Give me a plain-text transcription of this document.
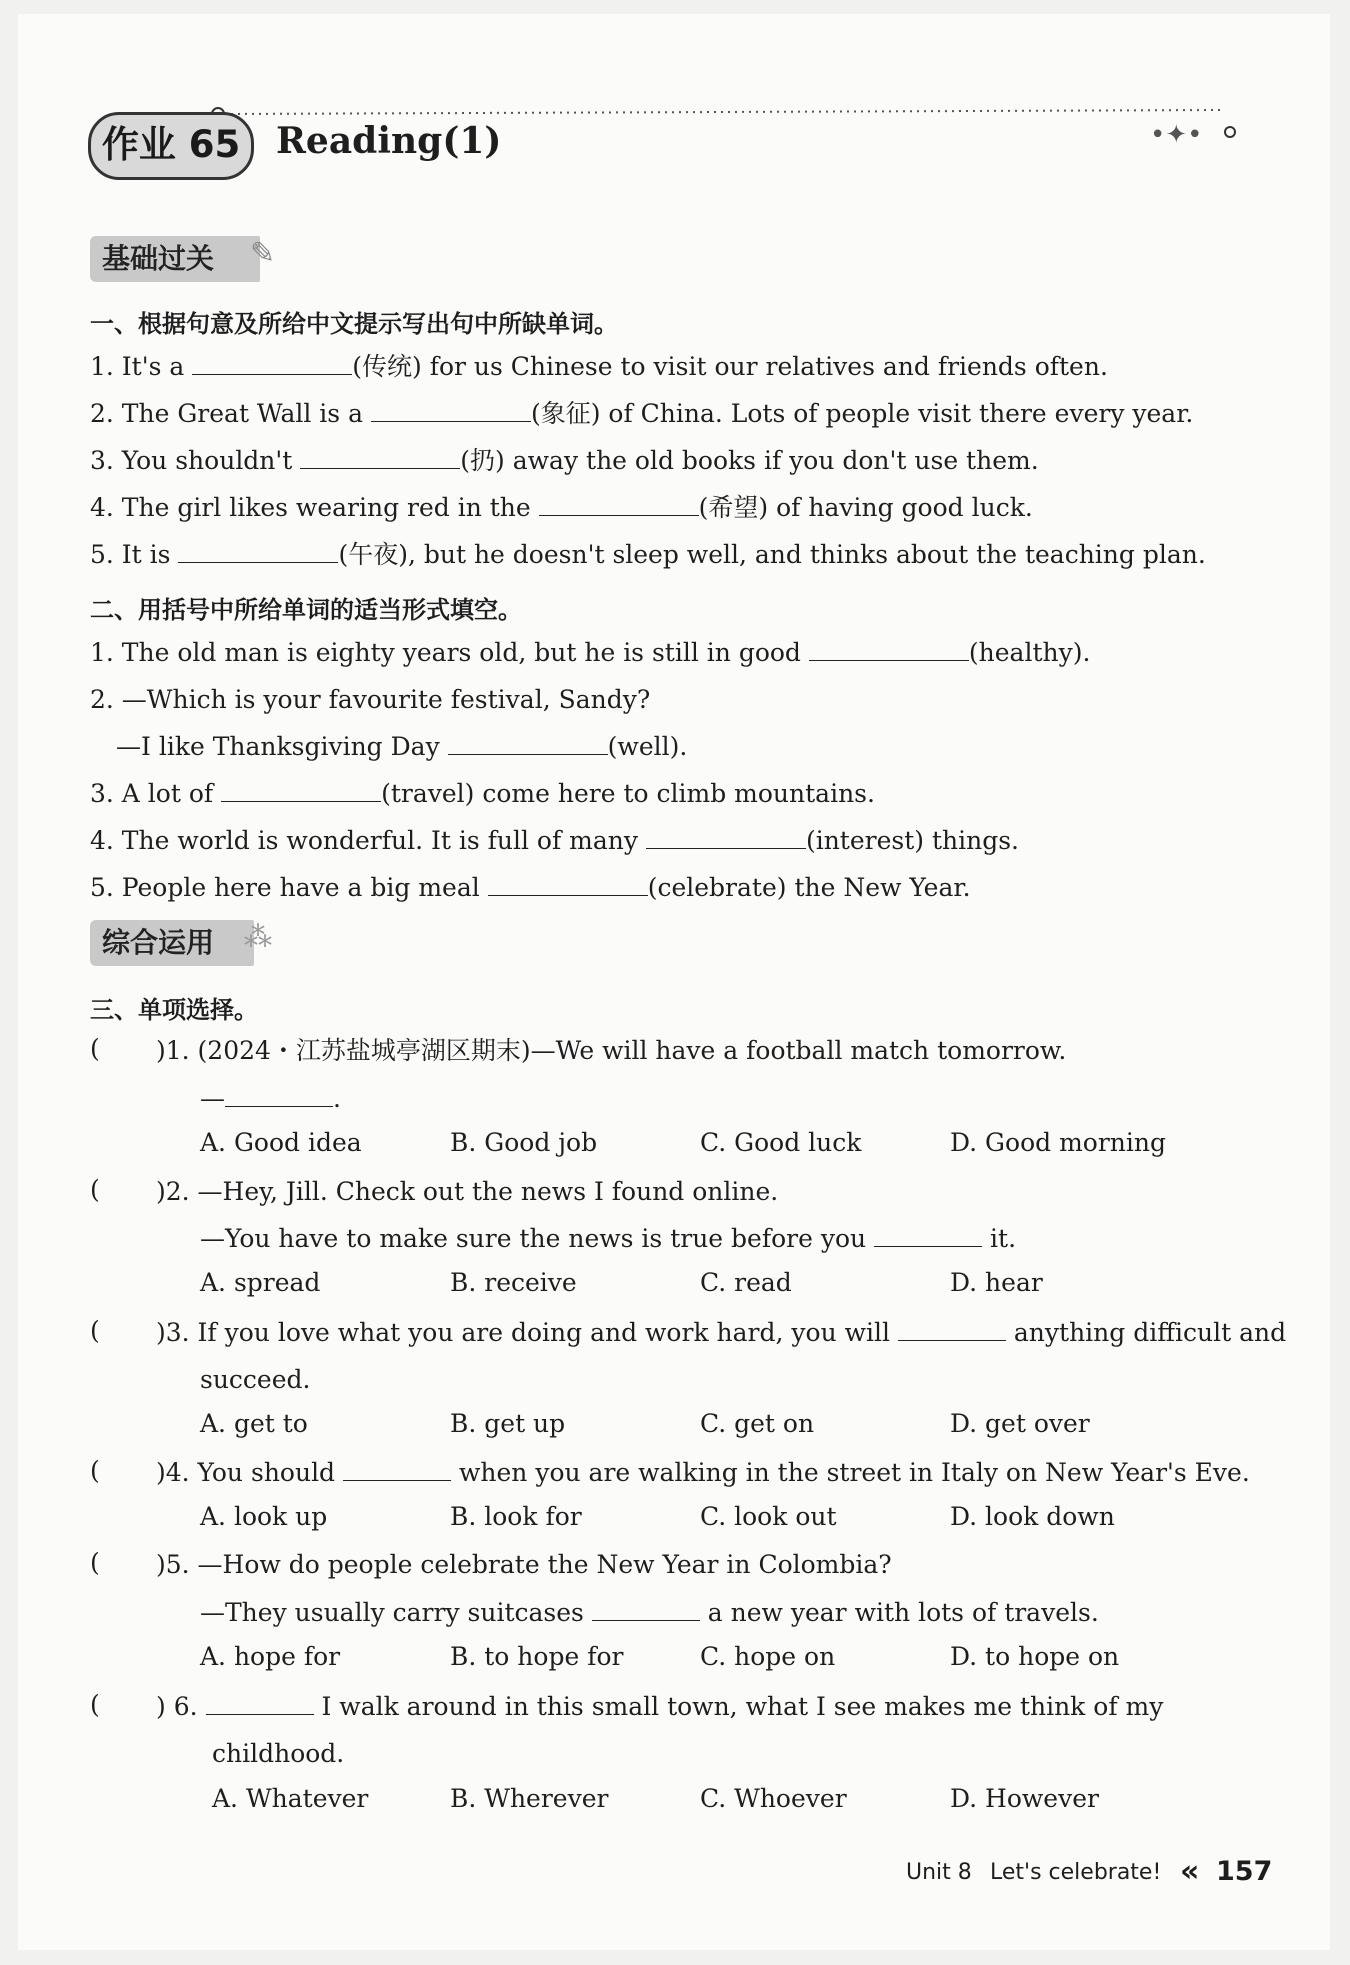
•✦•
作业 65 Reading(1)
基础过关	✎
一、根据句意及所给中文提示写出句中所缺单词。
1. It's a	(传统) for us Chinese to visit our relatives and friends often.
2. The Great Wall is a	(象征) of China. Lots of people visit there every year.
3. You shouldn't	(扔) away the old books if you don't use them.
4. The girl likes wearing red in the	(希望) of having good luck.
5. It is	(午夜), but he doesn't sleep well, and thinks about the teaching plan.
二、用括号中所给单词的适当形式填空。
1. The old man is eighty years old, but he is still in good	(healthy).
2. —Which is your favourite festival, Sandy?
—I like Thanksgiving Day	(well).
3. A lot of	(travel) come here to climb mountains.
4. The world is wonderful. It is full of many	(interest) things.
5. People here have a big meal	(celebrate) the New Year.
综合运用	⁂
三、单项选择。
( )1. (2024・江苏盐城亭湖区期末)—We will have a football match tomorrow.
—	.
A. Good idea	B. Good job	C. Good luck	D. Good morning
( )2. —Hey, Jill. Check out the news I found online.
—You have to make sure the news is true before you	it.
A. spread	B. receive	C. read	D. hear
( )3. If you love what you are doing and work hard, you will	anything difficult and
succeed.
A. get to	B. get up	C. get on	D. get over
( )4. You should	when you are walking in the street in Italy on New Year's Eve.
A. look up	B. look for	C. look out	D. look down
( )5. —How do people celebrate the New Year in Colombia?
—They usually carry suitcases	a new year with lots of travels.
A. hope for	B. to hope for	C. hope on	D. to hope on
( ) 6.	I walk around in this small town, what I see makes me think of my
childhood.
A. Whatever	B. Wherever	C. Whoever	D. However
Unit 8 Let's celebrate! « 157
